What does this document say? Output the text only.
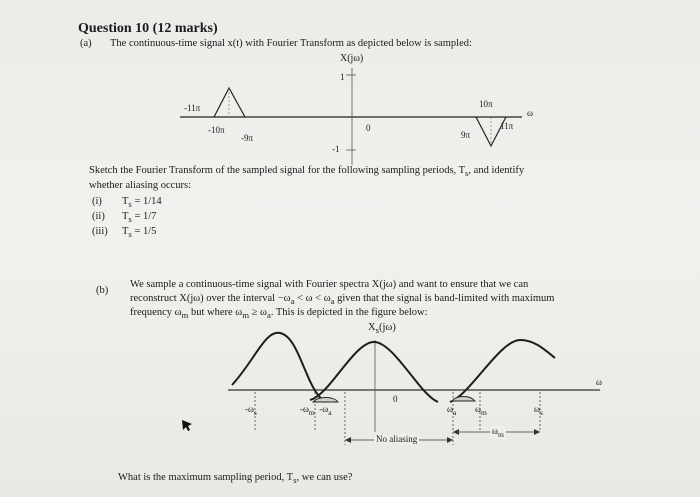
Question 10 (12 marks)
(a) The continuous-time signal x(t) with Fourier Transform as depicted below is sampled:
X(jω)
1
-1
0
ω
-11π
-10π
-9π	9π
10π
11π
Sketch the Fourier Transform of the sampled signal for the following sampling periods, $T_s$, and identify
whether aliasing occurs:
(i) $T_s = 1/14$
(ii) $T_s = 1/7$
(iii) $T_s = 1/5$
(b)
We sample a continuous-time signal with Fourier spectra X(jω) and want to ensure that we can
reconstruct X(jω) over the interval $-\omega_a < \omega < \omega_a$ given that the signal is band-limited with maximum
frequency $\omega_m$ but where $\omega_m \ge \omega_a$. This is depicted in the figure below:
$X_s(j\omega)$
$-\omega_s$	$-\omega_m$  $-\omega_a$
0
$\omega_a$ $\omega_m$	$\omega_s$
ω
No aliasing
$\omega_m$
What is the maximum sampling period, $T_s$, we can use?
